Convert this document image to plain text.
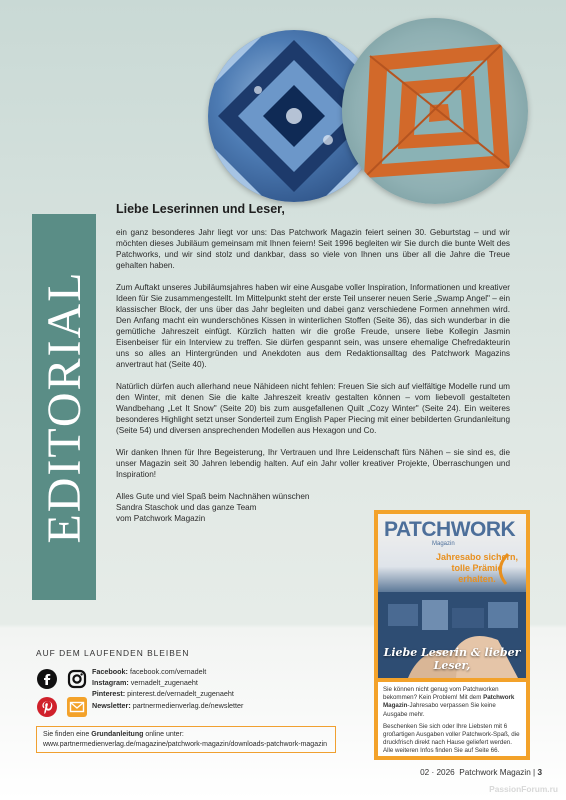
EDITORIAL
Liebe Leserinnen und Leser,

ein ganz besonderes Jahr liegt vor uns: Das Patchwork Magazin feiert seinen 30. Geburtstag – und wir möchten dieses Jubiläum gemeinsam mit Ihnen feiern! Seit 1996 begleiten wir Sie durch die bunte Welt des Patchworks, und wir sind stolz und dankbar, dass so viele von Ihnen uns über all die Jahre die Treue gehalten haben.

Zum Auftakt unseres Jubiläumsjahres haben wir eine Ausgabe voller Inspiration, Informationen und kreativer Ideen für Sie zusammengestellt. Im Mittelpunkt steht der erste Teil unserer neuen Serie „Swamp Angel" – ein klassischer Block, der uns über das Jahr begleiten und dabei ganz verschiedene Formen annehmen wird. Den Anfang macht ein wunderschönes Kissen in winterlichen Stoffen (Seite 36), das sich wunderbar in die gemütliche Jahreszeit einfügt. Kürzlich hatten wir die große Freude, unsere liebe Kollegin Jasmin Eisenbeiser für ein Interview zu treffen. Sie dürfen gespannt sein, was unsere ehemalige Chefredakteurin uns so alles an Hintergründen und Anekdoten aus dem Redaktionsalltag des Patchwork Magazins anvertraut hat (Seite 40).

Natürlich dürfen auch allerhand neue Nähideen nicht fehlen: Freuen Sie sich auf vielfältige Modelle rund um den Winter, mit denen Sie die kalte Jahreszeit kreativ gestalten können – vom liebevoll gestalteten Wandbehang „Let It Snow" (Seite 20) bis zum ausgefallenen Quilt „Cozy Winter" (Seite 24). Ein weiteres besonderes Highlight setzt unser Sonderteil zum English Paper Piecing mit einer bebilderten Grundanleitung (Seite 54) und diversen ansprechenden Modellen aus Hexagon und Co.

Wir danken Ihnen für Ihre Begeisterung, Ihr Vertrauen und Ihre Leidenschaft fürs Nähen – sie sind es, die unser Magazin seit 30 Jahren lebendig halten. Auf ein Jahr voller kreativer Projekte, Überraschungen und Inspiration!

Alles Gute und viel Spaß beim Nachnähen wünschen
Sandra Staschok und das ganze Team
vom Patchwork Magazin
AUF DEM LAUFENDEN BLEIBEN
Facebook: facebook.com/vernadelt
Instagram: vernadelt_zugenaeht
Pinterest: pinterest.de/vernadelt_zugenaeht
Newsletter: partnermedienverlag.de/newsletter
Sie finden eine Grundanleitung online unter: www.partnermedienverlag.de/magazine/patchwork-magazin/downloads-patchwork-magazin
PATCHWORK
Magazin
Jahresabo sichern,
tolle Prämie
erhalten.
Liebe Leserin & lieber Leser,

Sie können nicht genug vom Patchworken bekommen? Kein Problem! Mit dem Patchwork Magazin-Jahresabo verpassen Sie keine Ausgabe mehr.

Beschenken Sie sich oder Ihre Liebsten mit 6 großartigen Ausgaben voller Patchwork-Spaß, die druckfrisch direkt nach Hause geliefert werden. Alle weiteren Infos finden Sie auf Seite 66.

02 · 2026 Patchwork Magazin | 3
PassionForum.ru
